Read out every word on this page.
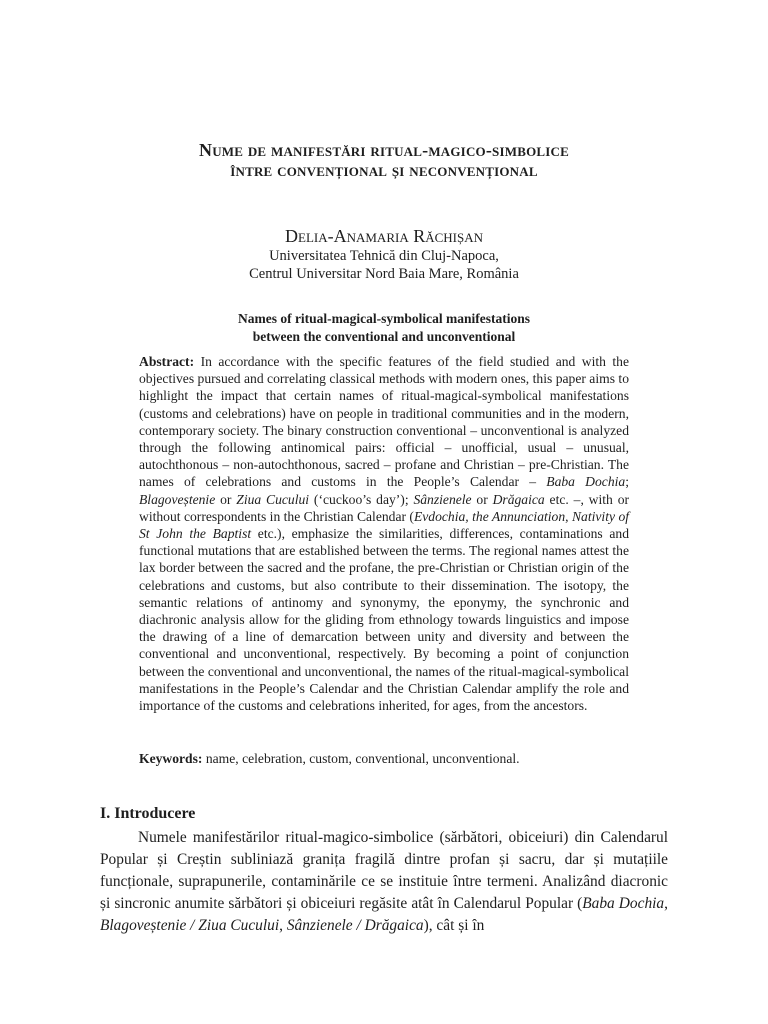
Nume de manifestări ritual-magico-simbolice
între convențional și neconvențional
Delia-Anamaria Răchișan
Universitatea Tehnică din Cluj-Napoca,
Centrul Universitar Nord Baia Mare, România
Names of ritual-magical-symbolical manifestations
between the conventional and unconventional
Abstract: In accordance with the specific features of the field studied and with the objectives pursued and correlating classical methods with modern ones, this paper aims to highlight the impact that certain names of ritual-magical-symbolical manifestations (customs and celebrations) have on people in traditional communities and in the modern, contemporary society. The binary construction conventional – unconventional is analyzed through the following antinomical pairs: official – unofficial, usual – unusual, autochthonous – non-autochthonous, sacred – profane and Christian – pre-Christian. The names of celebrations and customs in the People’s Calendar – Baba Dochia; Blagoveștenie or Ziua Cucului (‘cuckoo’s day’); Sânzienele or Drăgaica etc. –, with or without correspondents in the Christian Calendar (Evdochia, the Annunciation, Nativity of St John the Baptist etc.), emphasize the similarities, differences, contaminations and functional mutations that are established between the terms. The regional names attest the lax border between the sacred and the profane, the pre-Christian or Christian origin of the celebrations and customs, but also contribute to their dissemination. The isotopy, the semantic relations of antinomy and synonymy, the eponymy, the synchronic and diachronic analysis allow for the gliding from ethnology towards linguistics and impose the drawing of a line of demarcation between unity and diversity and between the conventional and unconventional, respectively. By becoming a point of conjunction between the conventional and unconventional, the names of the ritual-magical-symbolical manifestations in the People’s Calendar and the Christian Calendar amplify the role and importance of the customs and celebrations inherited, for ages, from the ancestors.
Keywords: name, celebration, custom, conventional, unconventional.
I. Introducere
Numele manifestărilor ritual-magico-simbolice (sărbători, obiceiuri) din Calendarul Popular și Creștin subliniază granița fragilă dintre profan și sacru, dar și mutațiile funcționale, suprapunerile, contaminările ce se instituie între termeni. Analizând diacronic și sincronic anumite sărbători și obiceiuri regăsite atât în Calendarul Popular (Baba Dochia, Blagoveștenie / Ziua Cucului, Sânzienele / Drăgaica), cât și în
